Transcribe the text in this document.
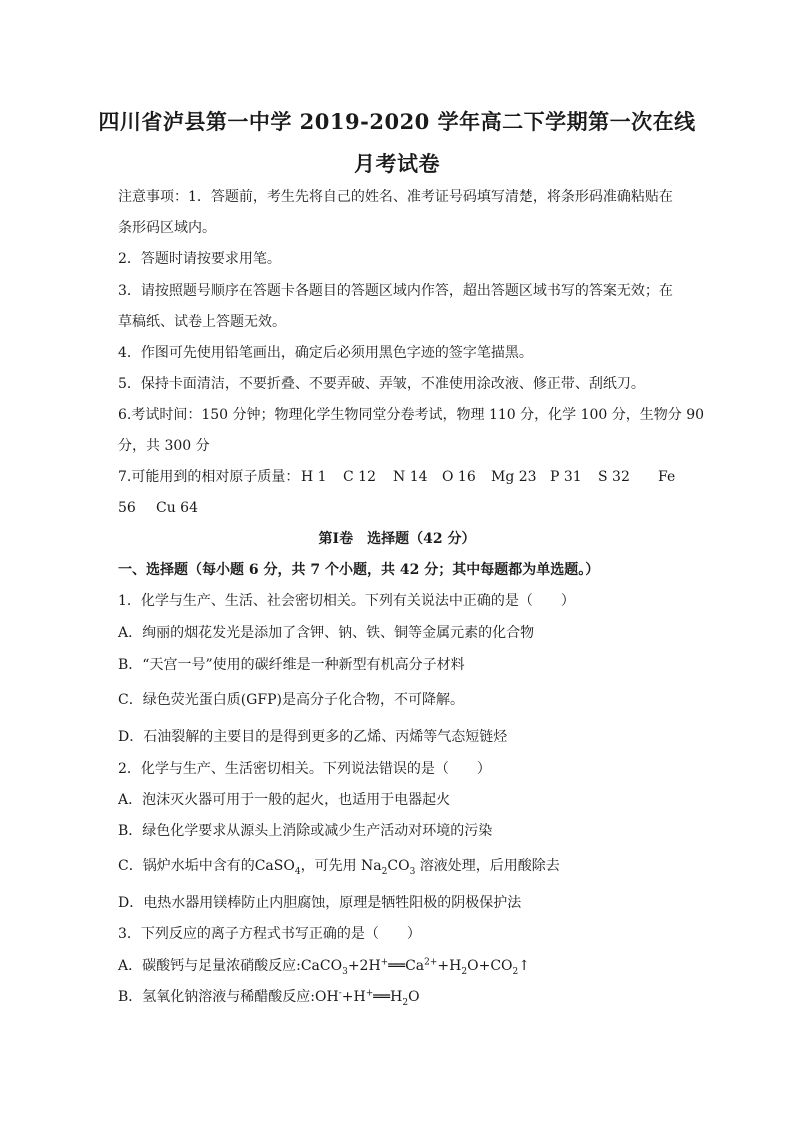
四川省泸县第一中学 2019-2020 学年高二下学期第一次在线
月考试卷
注意事项：1．答题前，考生先将自己的姓名、准考证号码填写清楚，将条形码准确粘贴在
条形码区域内。
2．答题时请按要求用笔。
3．请按照题号顺序在答题卡各题目的答题区域内作答，超出答题区域书写的答案无效；在
草稿纸、试卷上答题无效。
4．作图可先使用铅笔画出，确定后必须用黑色字迹的签字笔描黑。
5．保持卡面清洁，不要折叠、不要弄破、弄皱，不准使用涂改液、修正带、刮纸刀。
6.考试时间：150 分钟；物理化学生物同堂分卷考试，物理 110 分，化学 100 分，生物分 90
分，共 300 分
7.可能用到的相对原子质量： H 1 C 12 N 14 O 16 Mg 23 P 31 S 32 Fe
56 Cu 64
第Ⅰ卷　选择题（42 分）
一、选择题（每小题 6 分，共 7 个小题，共 42 分；其中每题都为单选题。）
1．化学与生产、生活、社会密切相关。下列有关说法中正确的是（　　）
A．绚丽的烟花发光是添加了含钾、钠、铁、铜等金属元素的化合物
B．“天宫一号”使用的碳纤维是一种新型有机高分子材料
C．绿色荧光蛋白质(GFP)是高分子化合物，不可降解。
D．石油裂解的主要目的是得到更多的乙烯、丙烯等气态短链烃
2．化学与生产、生活密切相关。下列说法错误的是（　　）
A．泡沫灭火器可用于一般的起火，也适用于电器起火
B．绿色化学要求从源头上消除或减少生产活动对环境的污染
C．锅炉水垢中含有的CaSO$_4$，可先用 $Na_2CO_3$ 溶液处理，后用酸除去
D．电热水器用镁棒防止内胆腐蚀，原理是牺牲阳极的阴极保护法
3．下列反应的离子方程式书写正确的是（　　）
A．碳酸钙与足量浓硝酸反应$:CaCO_3+2H^+══Ca^{2+}+H_2O+CO_2↑$
B．氢氧化钠溶液与稀醋酸反应$:OH^-+H^+══H_2O$
